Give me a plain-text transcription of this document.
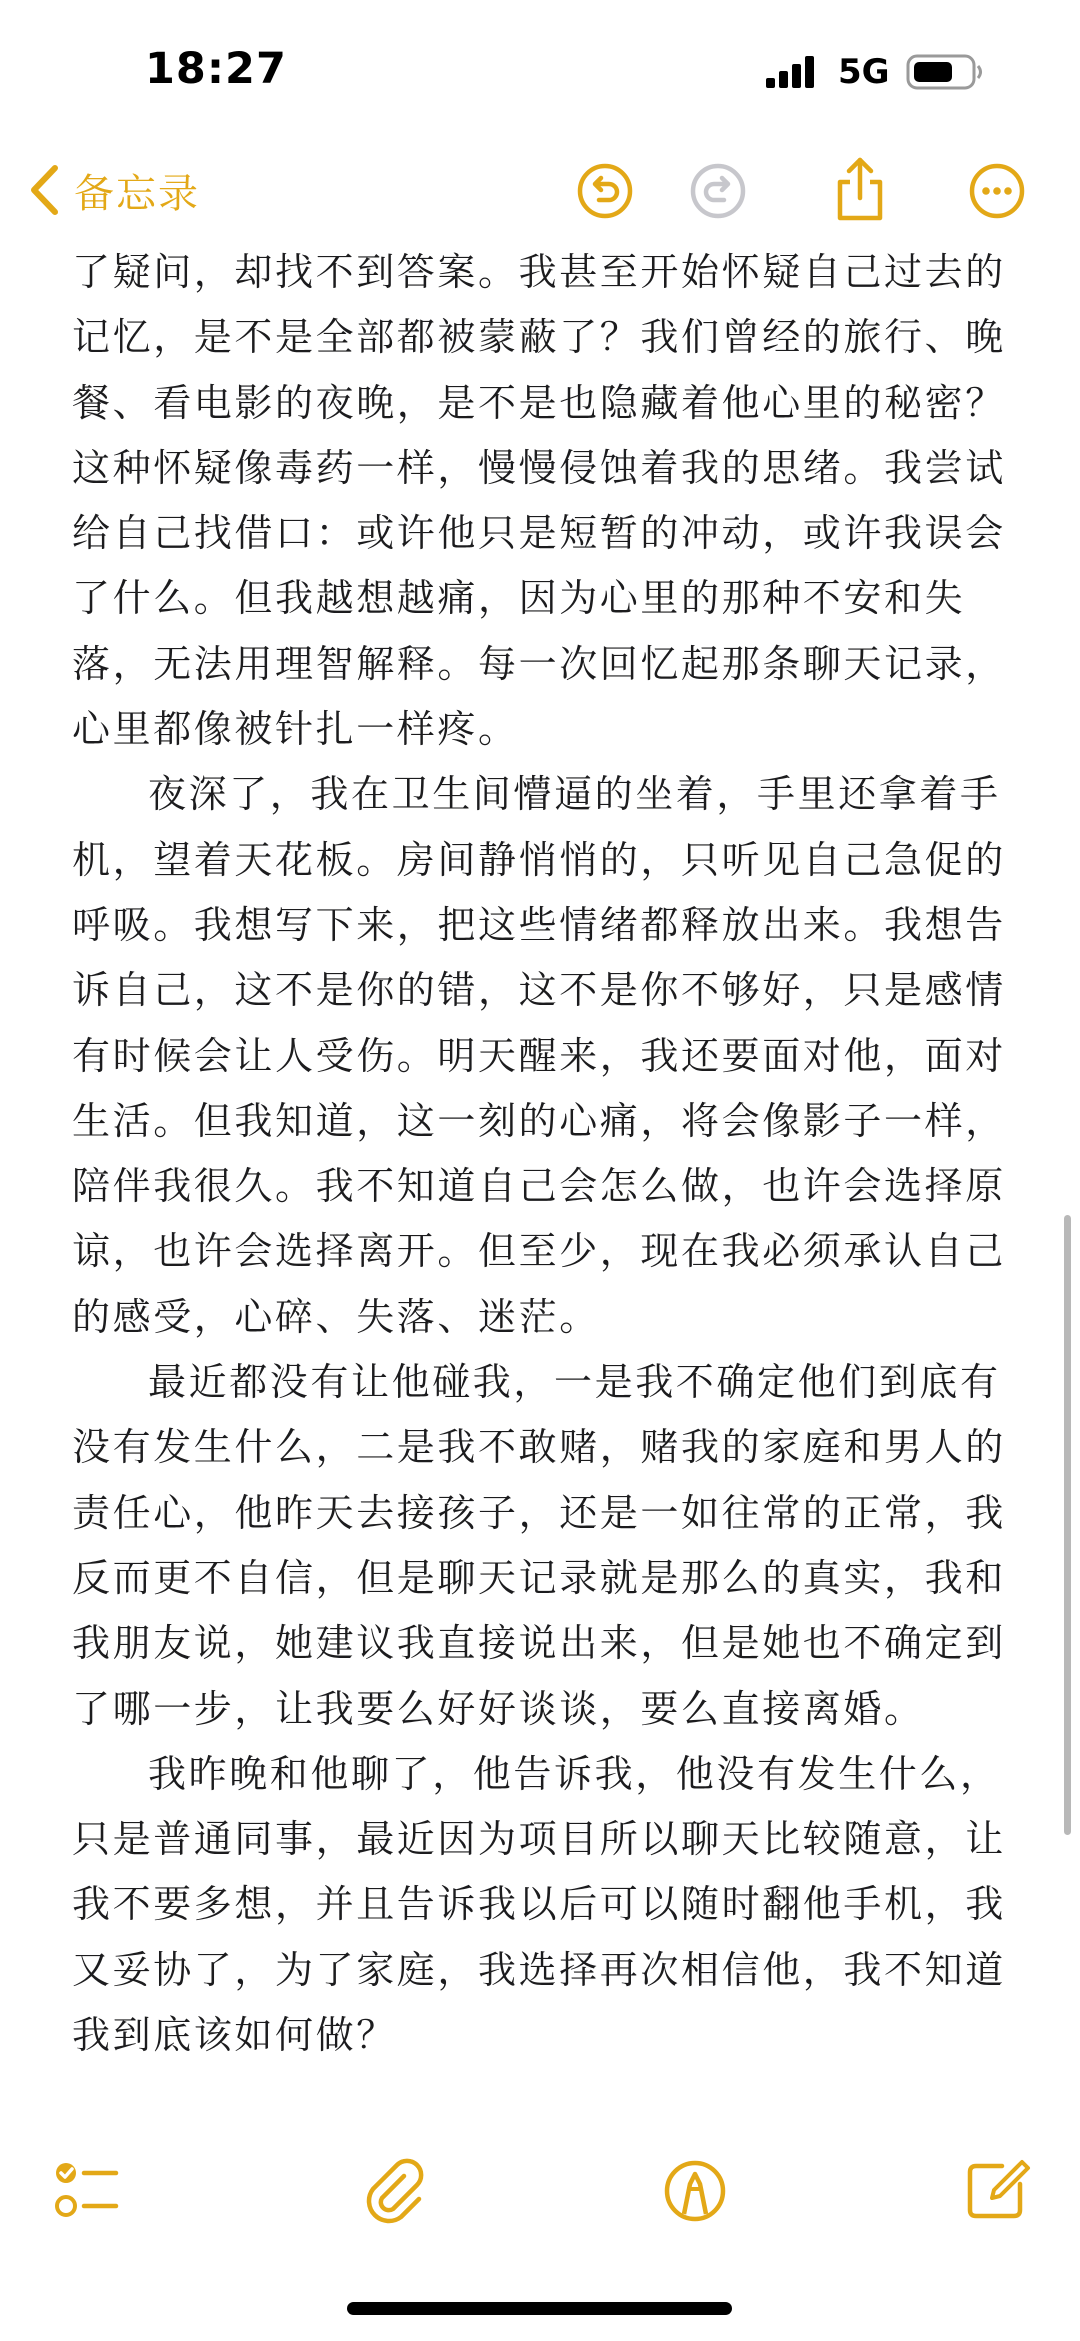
18:27	5G
备忘录

了疑问，却找不到答案。我甚至开始怀疑自己过去的记忆，是不是全部都被蒙蔽了？我们曾经的旅行、晚餐、看电影的夜晚，是不是也隐藏着他心里的秘密？这种怀疑像毒药一样，慢慢侵蚀着我的思绪。我尝试给自己找借口：或许他只是短暂的冲动，或许我误会了什么。但我越想越痛，因为心里的那种不安和失落，无法用理智解释。每一次回忆起那条聊天记录，心里都像被针扎一样疼。

夜深了，我在卫生间懵逼的坐着，手里还拿着手机，望着天花板。房间静悄悄的，只听见自己急促的呼吸。我想写下来，把这些情绪都释放出来。我想告诉自己，这不是你的错，这不是你不够好，只是感情有时候会让人受伤。明天醒来，我还要面对他，面对生活。但我知道，这一刻的心痛，将会像影子一样，陪伴我很久。我不知道自己会怎么做，也许会选择原谅，也许会选择离开。但至少，现在我必须承认自己的感受，心碎、失落、迷茫。

最近都没有让他碰我，一是我不确定他们到底有没有发生什么，二是我不敢赌，赌我的家庭和男人的责任心，他昨天去接孩子，还是一如往常的正常，我反而更不自信，但是聊天记录就是那么的真实，我和我朋友说，她建议我直接说出来，但是她也不确定到了哪一步，让我要么好好谈谈，要么直接离婚。

我昨晚和他聊了，他告诉我，他没有发生什么，只是普通同事，最近因为项目所以聊天比较随意，让我不要多想，并且告诉我以后可以随时翻他手机，我又妥协了，为了家庭，我选择再次相信他，我不知道我到底该如何做？
